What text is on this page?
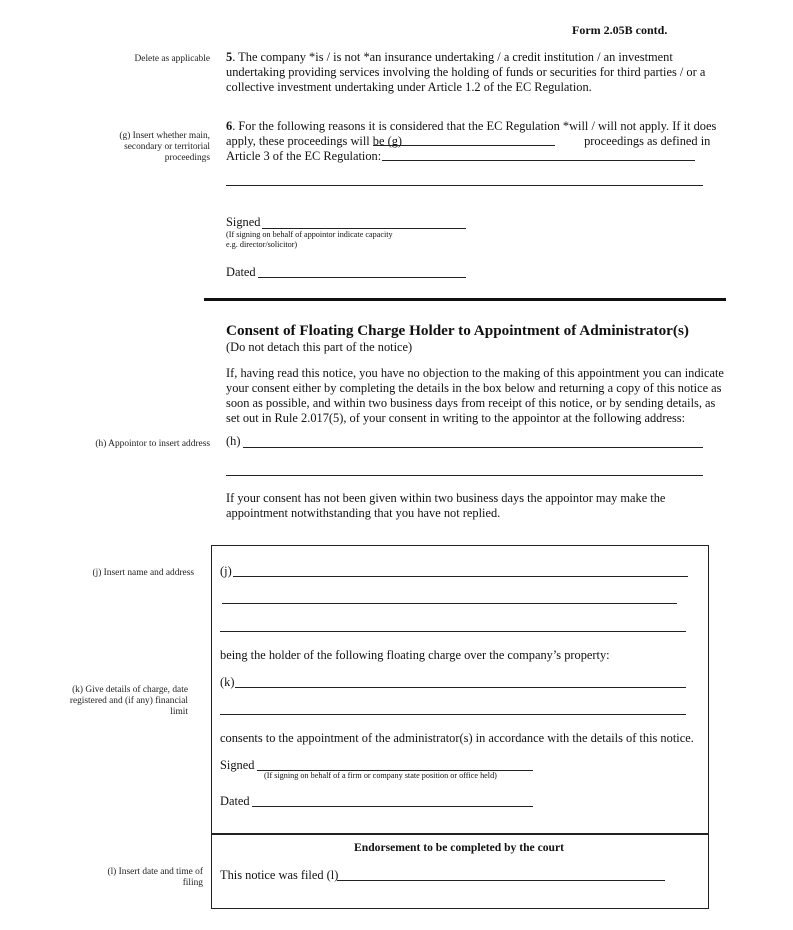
Form 2.05B contd.
Delete as applicable
(g) Insert whether main,
secondary or territorial
proceedings
(h) Appointor to insert address
(j) Insert name and address
(k) Give details of charge, date
registered and (if any) financial
limit
(l) Insert date and time of
filing
5. The company *is / is not *an insurance undertaking / a credit institution / an investment
undertaking providing services involving the holding of funds or securities for third parties / or a
collective investment undertaking under Article 1.2 of the EC Regulation.
6. For the following reasons it is considered that the EC Regulation *will / will not apply. If it does
apply, these proceedings will be (g)	proceedings as defined in
Article 3 of the EC Regulation:
Signed
(If signing on behalf of appointor indicate capacity
e.g. director/solicitor)
Dated
Consent of Floating Charge Holder to Appointment of Administrator(s)
(Do not detach this part of the notice)
If, having read this notice, you have no objection to the making of this appointment you can indicate
your consent either by completing the details in the box below and returning a copy of this notice as
soon as possible, and within two business days from receipt of this notice, or by sending details, as
set out in Rule 2.017(5), of your consent in writing to the appointor at the following address:
(h)
If your consent has not been given within two business days the appointor may make the
appointment notwithstanding that you have not replied.
(j)
being the holder of the following floating charge over the company’s property:
(k)
consents to the appointment of the administrator(s) in accordance with the details of this notice.
Signed
(If signing on behalf of a firm or company state position or office held)
Dated
Endorsement to be completed by the court
This notice was filed (l)
